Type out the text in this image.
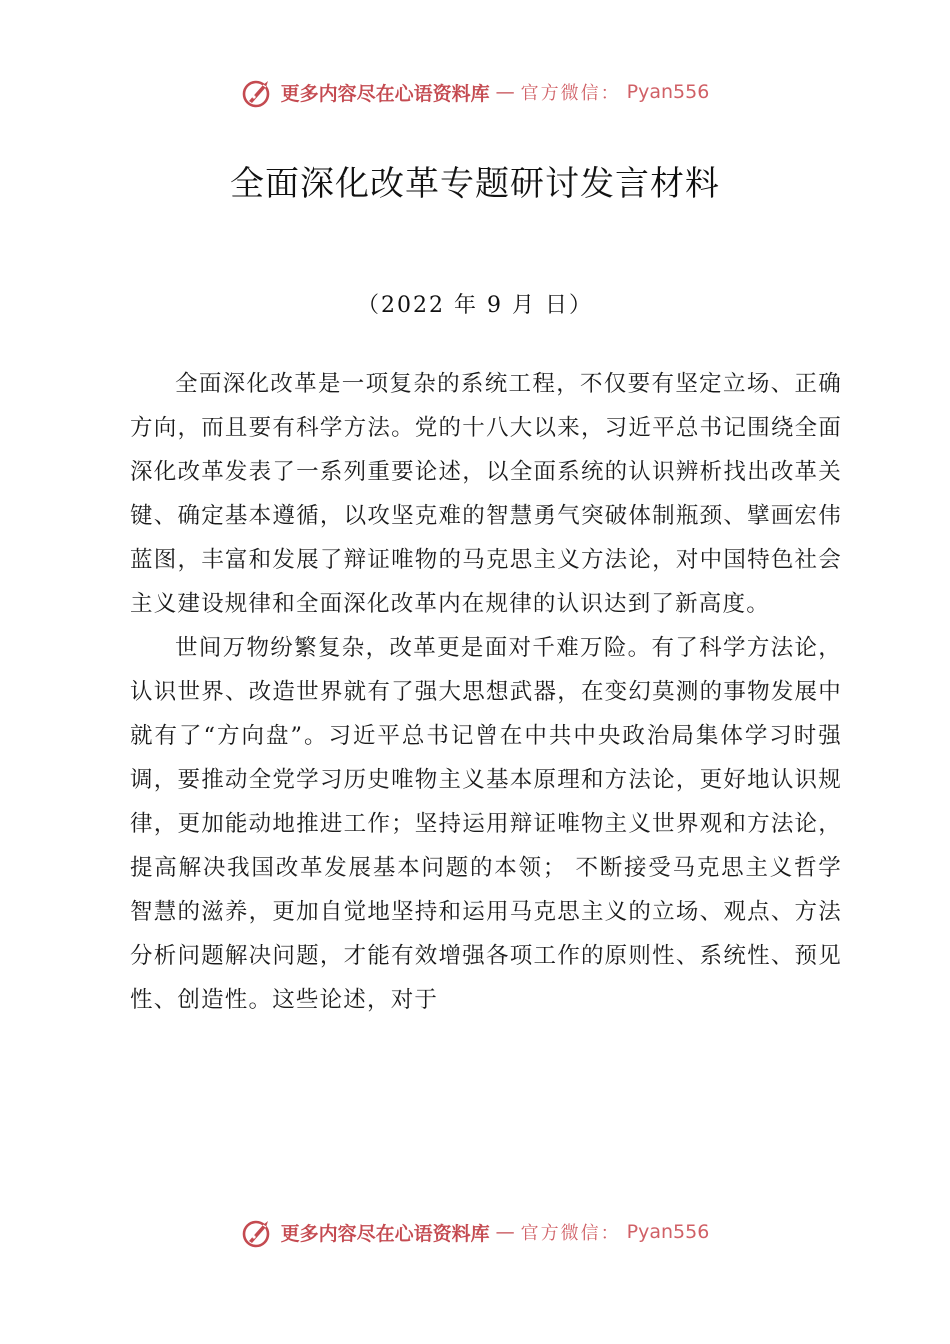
更多内容尽在心语资料库 — 官方微信： Pyan556
全面深化改革专题研讨发言材料
（2022 年 9 月 日）

全面深化改革是一项复杂的系统工程，不仅要有坚定立场、正确方向，而且要有科学方法。党的十八大以来，习近平总书记围绕全面深化改革发表了一系列重要论述，以全面系统的认识辨析找出改革关键、确定基本遵循，以攻坚克难的智慧勇气突破体制瓶颈、擘画宏伟蓝图，丰富和发展了辩证唯物的马克思主义方法论，对中国特色社会主义建设规律和全面深化改革内在规律的认识达到了新高度。

世间万物纷繁复杂，改革更是面对千难万险。有了科学方法论，认识世界、改造世界就有了强大思想武器，在变幻莫测的事物发展中就有了“方向盘”。习近平总书记曾在中共中央政治局集体学习时强调，要推动全党学习历史唯物主义基本原理和方法论，更好地认识规律，更加能动地推进工作；坚持运用辩证唯物主义世界观和方法论，提高解决我国改革发展基本问题的本领； 不断接受马克思主义哲学智慧的滋养，更加自觉地坚持和运用马克思主义的立场、观点、方法分析问题解决问题，才能有效增强各项工作的原则性、系统性、预见性、创造性。这些论述，对于

更多内容尽在心语资料库 — 官方微信： Pyan556
